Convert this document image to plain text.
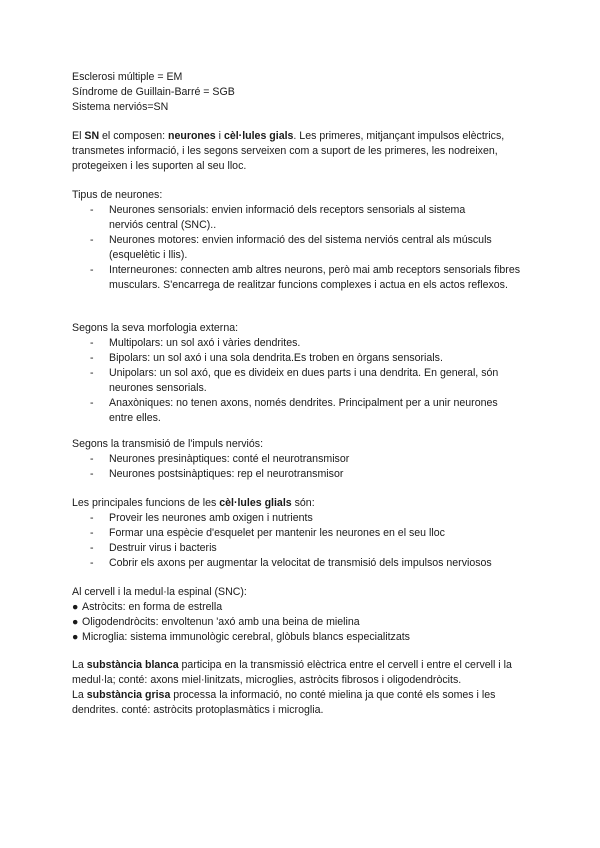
Esclerosi múltiple = EM
Síndrome de Guillain-Barré = SGB
Sistema nerviós=SN
El SN el composen: neurones i cèl·lules gials. Les primeres, mitjançant impulsos elèctrics, transmetes informació, i les segons serveixen com a suport de les primeres, les nodreixen, protegeixen i les suporten al seu lloc.
Tipus de neurones:
- Neurones sensorials: envien informació dels receptors sensorials al sistema nerviós central (SNC)..
- Neurones motores: envien informació des del sistema nerviós central als músculs (esquelètic i llis).
- Interneurones: connecten amb altres neurons, però mai amb receptors sensorials fibres musculars. S'encarrega de realitzar funcions complexes i actua en els actos reflexos.
Segons la seva morfologia externa:
- Multipolars: un sol axó i vàries dendrites.
- Bipolars: un sol axó i una sola dendrita.Es troben en òrgans sensorials.
- Unipolars: un sol axó, que es divideix en dues parts i una dendrita. En general, són neurones sensorials.
- Anaxòniques: no tenen axons, només dendrites. Principalment per a unir neurones entre elles.
Segons la transmisió de l'impuls nerviós:
- Neurones presinàptiques: conté el neurotransmisor
- Neurones postsinàptiques: rep el neurotransmisor
Les principales funcions de les cèl·lules glials són:
- Proveir les neurones amb oxigen i nutrients
- Formar una espècie d'esquelet per mantenir les neurones en el seu lloc
- Destruir virus i bacteris
- Cobrir els axons per augmentar la velocitat de transmisió dels impulsos nerviosos
Al cervell i la medul·la espinal (SNC):
● Astròcits: en forma de estrella
● Oligodendròcits: envoltenun 'axó amb una beina de mielina
● Microglia: sistema immunològic cerebral, glòbuls blancs especialitzats
La substància blanca participa en la transmissió elèctrica entre el cervell i entre el cervell i la medul·la; conté: axons miel·linitzats, microglies, astròcits fibrosos i oligodendròcits.
La substància grisa processa la informació, no conté mielina ja que conté els somes i les dendrites. conté: astròcits protoplasmàtics i microglia.
